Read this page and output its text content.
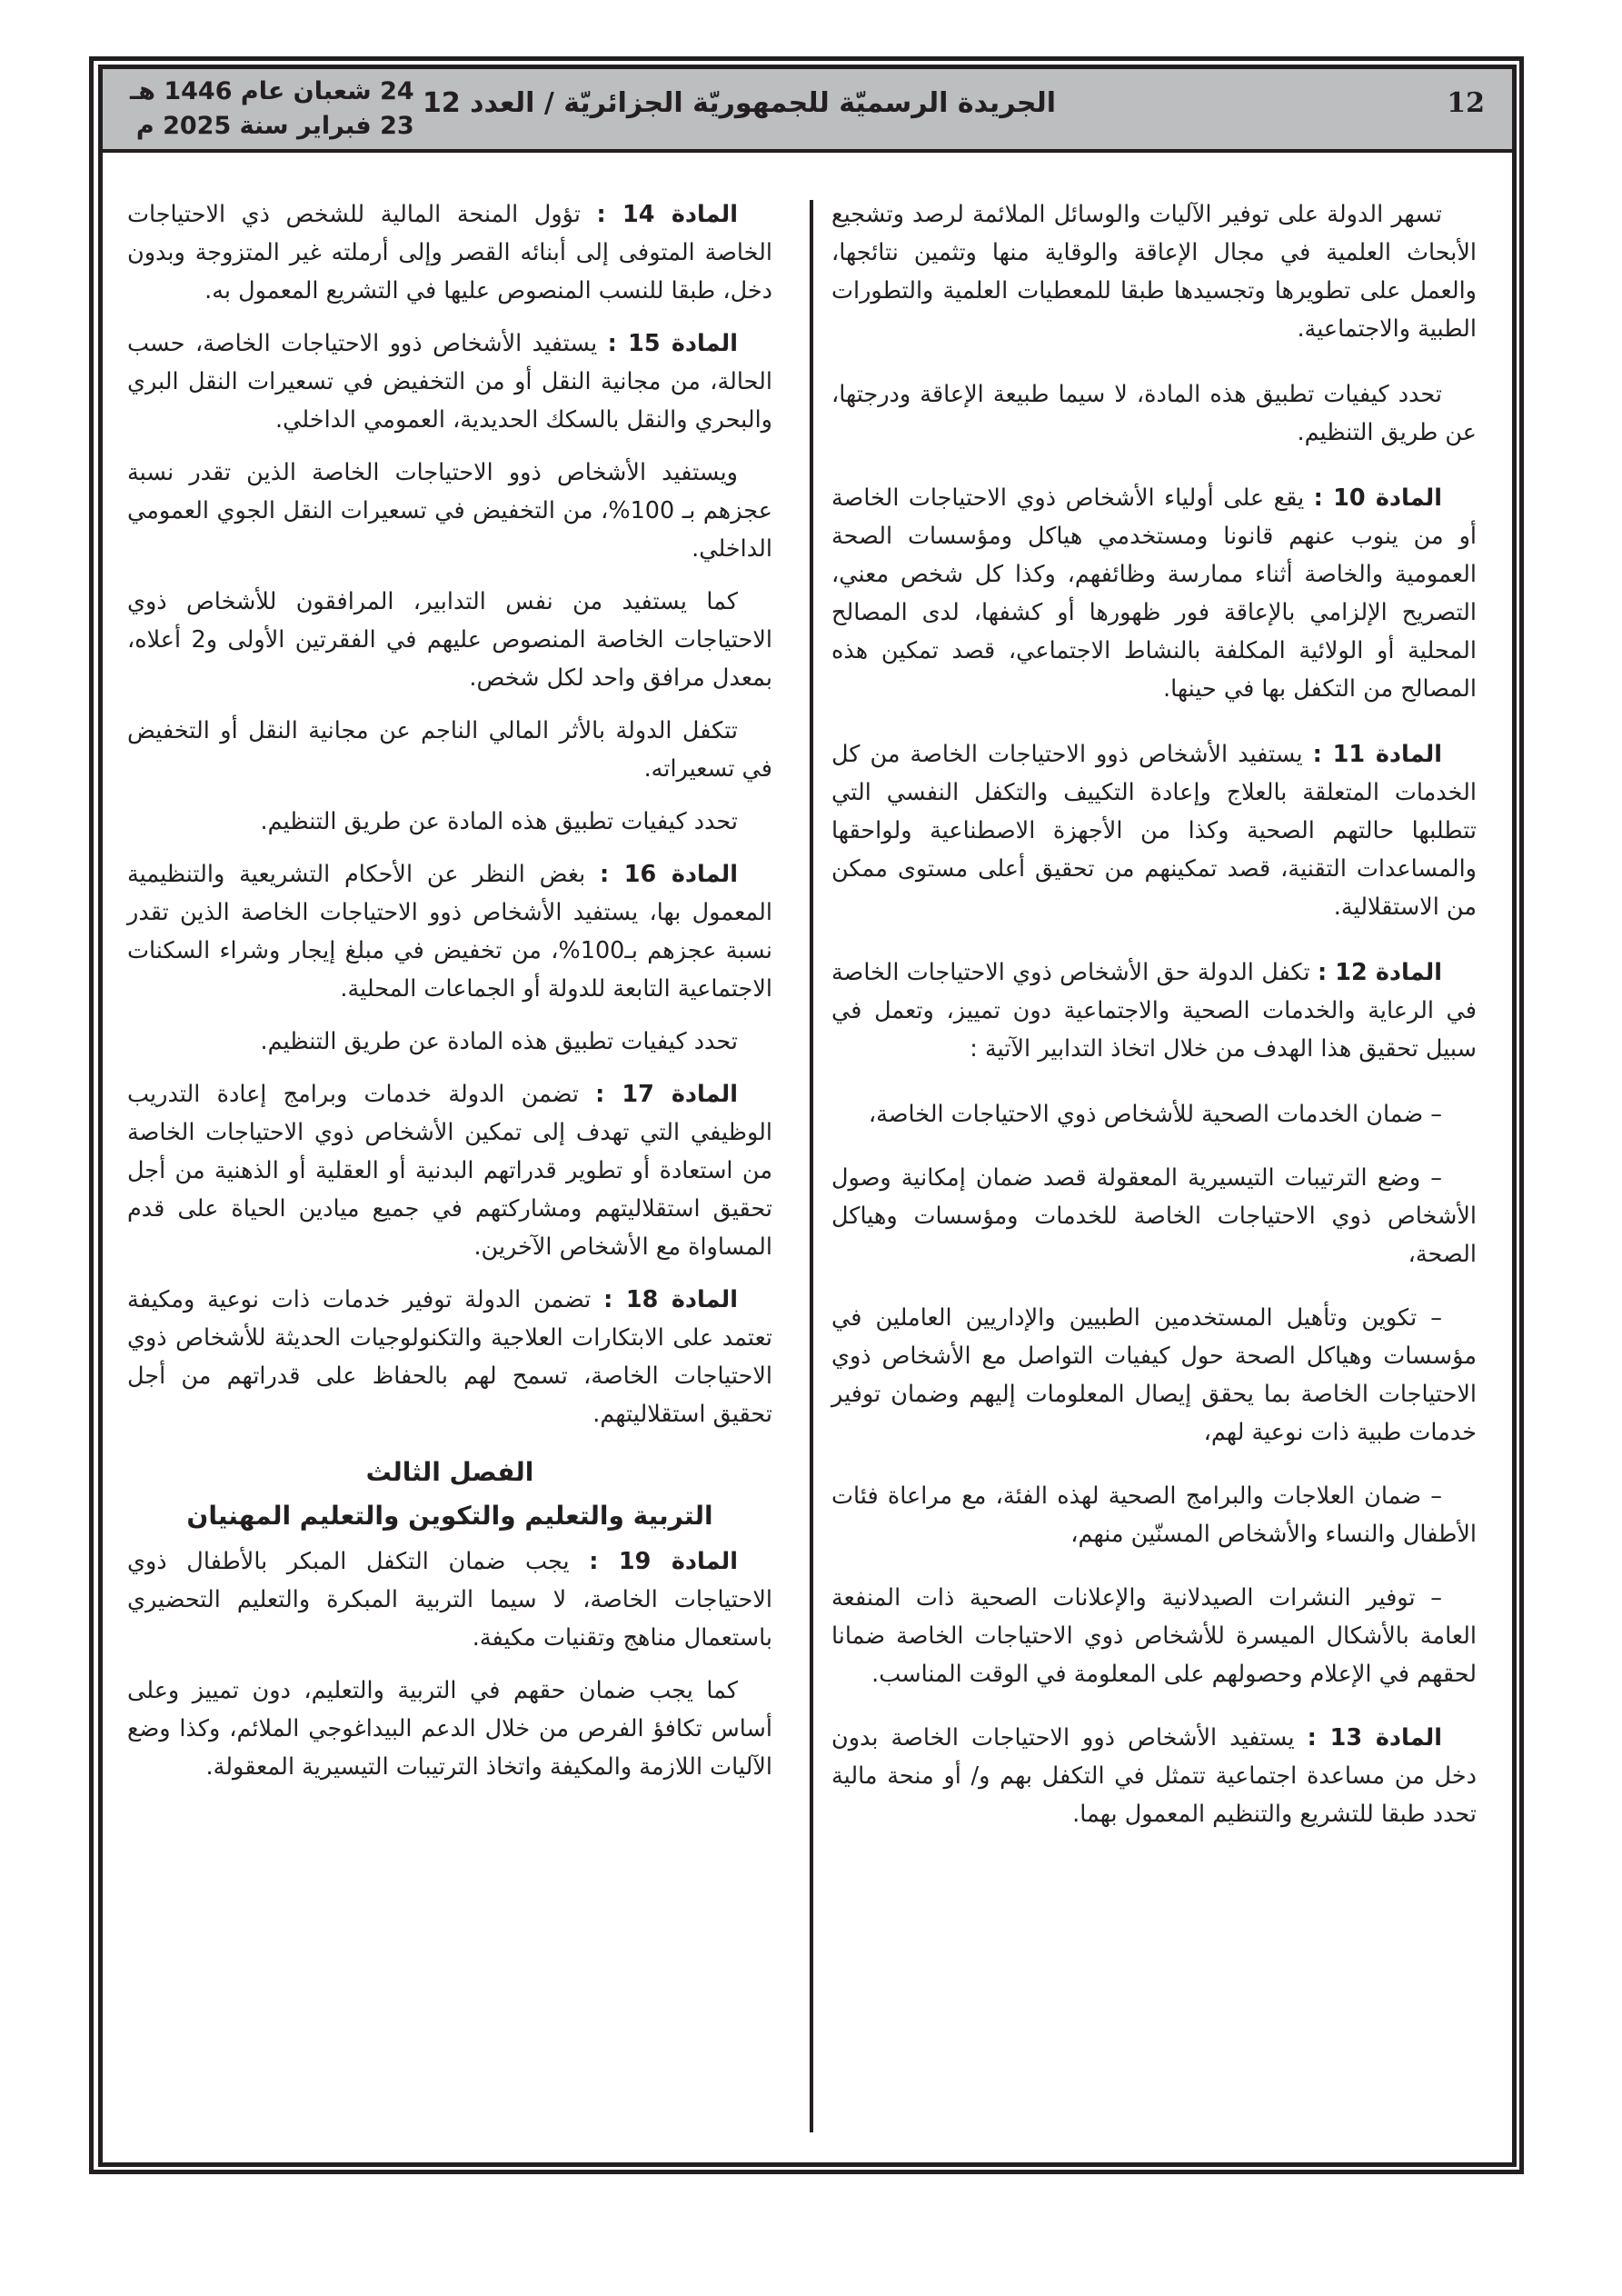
12
الجريدة الرسميّة للجمهوريّة الجزائريّة / العدد 12
24 شعبان عام 1446 هـ
23 فبراير سنة 2025 م

تسهر الدولة على توفير الآليات والوسائل الملائمة لرصد وتشجيع الأبحاث العلمية في مجال الإعاقة والوقاية منها وتثمين نتائجها، والعمل على تطويرها وتجسيدها طبقا للمعطيات العلمية والتطورات الطبية والاجتماعية.

تحدد كيفيات تطبيق هذه المادة، لا سيما طبيعة الإعاقة ودرجتها، عن طريق التنظيم.

المادة 10 : يقع على أولياء الأشخاص ذوي الاحتياجات الخاصة أو من ينوب عنهم قانونا ومستخدمي هياكل ومؤسسات الصحة العمومية والخاصة أثناء ممارسة وظائفهم، وكذا كل شخص معني، التصريح الإلزامي بالإعاقة فور ظهورها أو كشفها، لدى المصالح المحلية أو الولائية المكلفة بالنشاط الاجتماعي، قصد تمكين هذه المصالح من التكفل بها في حينها.

المادة 11 : يستفيد الأشخاص ذوو الاحتياجات الخاصة من كل الخدمات المتعلقة بالعلاج وإعادة التكييف والتكفل النفسي التي تتطلبها حالتهم الصحية وكذا من الأجهزة الاصطناعية ولواحقها والمساعدات التقنية، قصد تمكينهم من تحقيق أعلى مستوى ممكن من الاستقلالية.

المادة 12 : تكفل الدولة حق الأشخاص ذوي الاحتياجات الخاصة في الرعاية والخدمات الصحية والاجتماعية دون تمييز، وتعمل في سبيل تحقيق هذا الهدف من خلال اتخاذ التدابير الآتية :

– ضمان الخدمات الصحية للأشخاص ذوي الاحتياجات الخاصة،

– وضع الترتيبات التيسيرية المعقولة قصد ضمان إمكانية وصول الأشخاص ذوي الاحتياجات الخاصة للخدمات ومؤسسات وهياكل الصحة،

– تكوين وتأهيل المستخدمين الطبيين والإداريين العاملين في مؤسسات وهياكل الصحة حول كيفيات التواصل مع الأشخاص ذوي الاحتياجات الخاصة بما يحقق إيصال المعلومات إليهم وضمان توفير خدمات طبية ذات نوعية لهم،

– ضمان العلاجات والبرامج الصحية لهذه الفئة، مع مراعاة فئات الأطفال والنساء والأشخاص المسنّين منهم،

– توفير النشرات الصيدلانية والإعلانات الصحية ذات المنفعة العامة بالأشكال الميسرة للأشخاص ذوي الاحتياجات الخاصة ضمانا لحقهم في الإعلام وحصولهم على المعلومة في الوقت المناسب.

المادة 13 : يستفيد الأشخاص ذوو الاحتياجات الخاصة بدون دخل من مساعدة اجتماعية تتمثل في التكفل بهم و/ أو منحة مالية تحدد طبقا للتشريع والتنظيم المعمول بهما.

المادة 14 : تؤول المنحة المالية للشخص ذي الاحتياجات الخاصة المتوفى إلى أبنائه القصر وإلى أرملته غير المتزوجة وبدون دخل، طبقا للنسب المنصوص عليها في التشريع المعمول به.

المادة 15 : يستفيد الأشخاص ذوو الاحتياجات الخاصة، حسب الحالة، من مجانية النقل أو من التخفيض في تسعيرات النقل البري والبحري والنقل بالسكك الحديدية، العمومي الداخلي.

ويستفيد الأشخاص ذوو الاحتياجات الخاصة الذين تقدر نسبة عجزهم بـ 100%، من التخفيض في تسعيرات النقل الجوي العمومي الداخلي.

كما يستفيد من نفس التدابير، المرافقون للأشخاص ذوي الاحتياجات الخاصة المنصوص عليهم في الفقرتين الأولى و2 أعلاه، بمعدل مرافق واحد لكل شخص.

تتكفل الدولة بالأثر المالي الناجم عن مجانية النقل أو التخفيض في تسعيراته.

تحدد كيفيات تطبيق هذه المادة عن طريق التنظيم.

المادة 16 : بغض النظر عن الأحكام التشريعية والتنظيمية المعمول بها، يستفيد الأشخاص ذوو الاحتياجات الخاصة الذين تقدر نسبة عجزهم بـ100%، من تخفيض في مبلغ إيجار وشراء السكنات الاجتماعية التابعة للدولة أو الجماعات المحلية.

تحدد كيفيات تطبيق هذه المادة عن طريق التنظيم.

المادة 17 : تضمن الدولة خدمات وبرامج إعادة التدريب الوظيفي التي تهدف إلى تمكين الأشخاص ذوي الاحتياجات الخاصة من استعادة أو تطوير قدراتهم البدنية أو العقلية أو الذهنية من أجل تحقيق استقلاليتهم ومشاركتهم في جميع ميادين الحياة على قدم المساواة مع الأشخاص الآخرين.

المادة 18 : تضمن الدولة توفير خدمات ذات نوعية ومكيفة تعتمد على الابتكارات العلاجية والتكنولوجيات الحديثة للأشخاص ذوي الاحتياجات الخاصة، تسمح لهم بالحفاظ على قدراتهم من أجل تحقيق استقلاليتهم.

الفصل الثالث

التربية والتعليم والتكوين والتعليم المهنيان

المادة 19 : يجب ضمان التكفل المبكر بالأطفال ذوي الاحتياجات الخاصة، لا سيما التربية المبكرة والتعليم التحضيري باستعمال مناهج وتقنيات مكيفة.

كما يجب ضمان حقهم في التربية والتعليم، دون تمييز وعلى أساس تكافؤ الفرص من خلال الدعم البيداغوجي الملائم، وكذا وضع الآليات اللازمة والمكيفة واتخاذ الترتيبات التيسيرية المعقولة.
